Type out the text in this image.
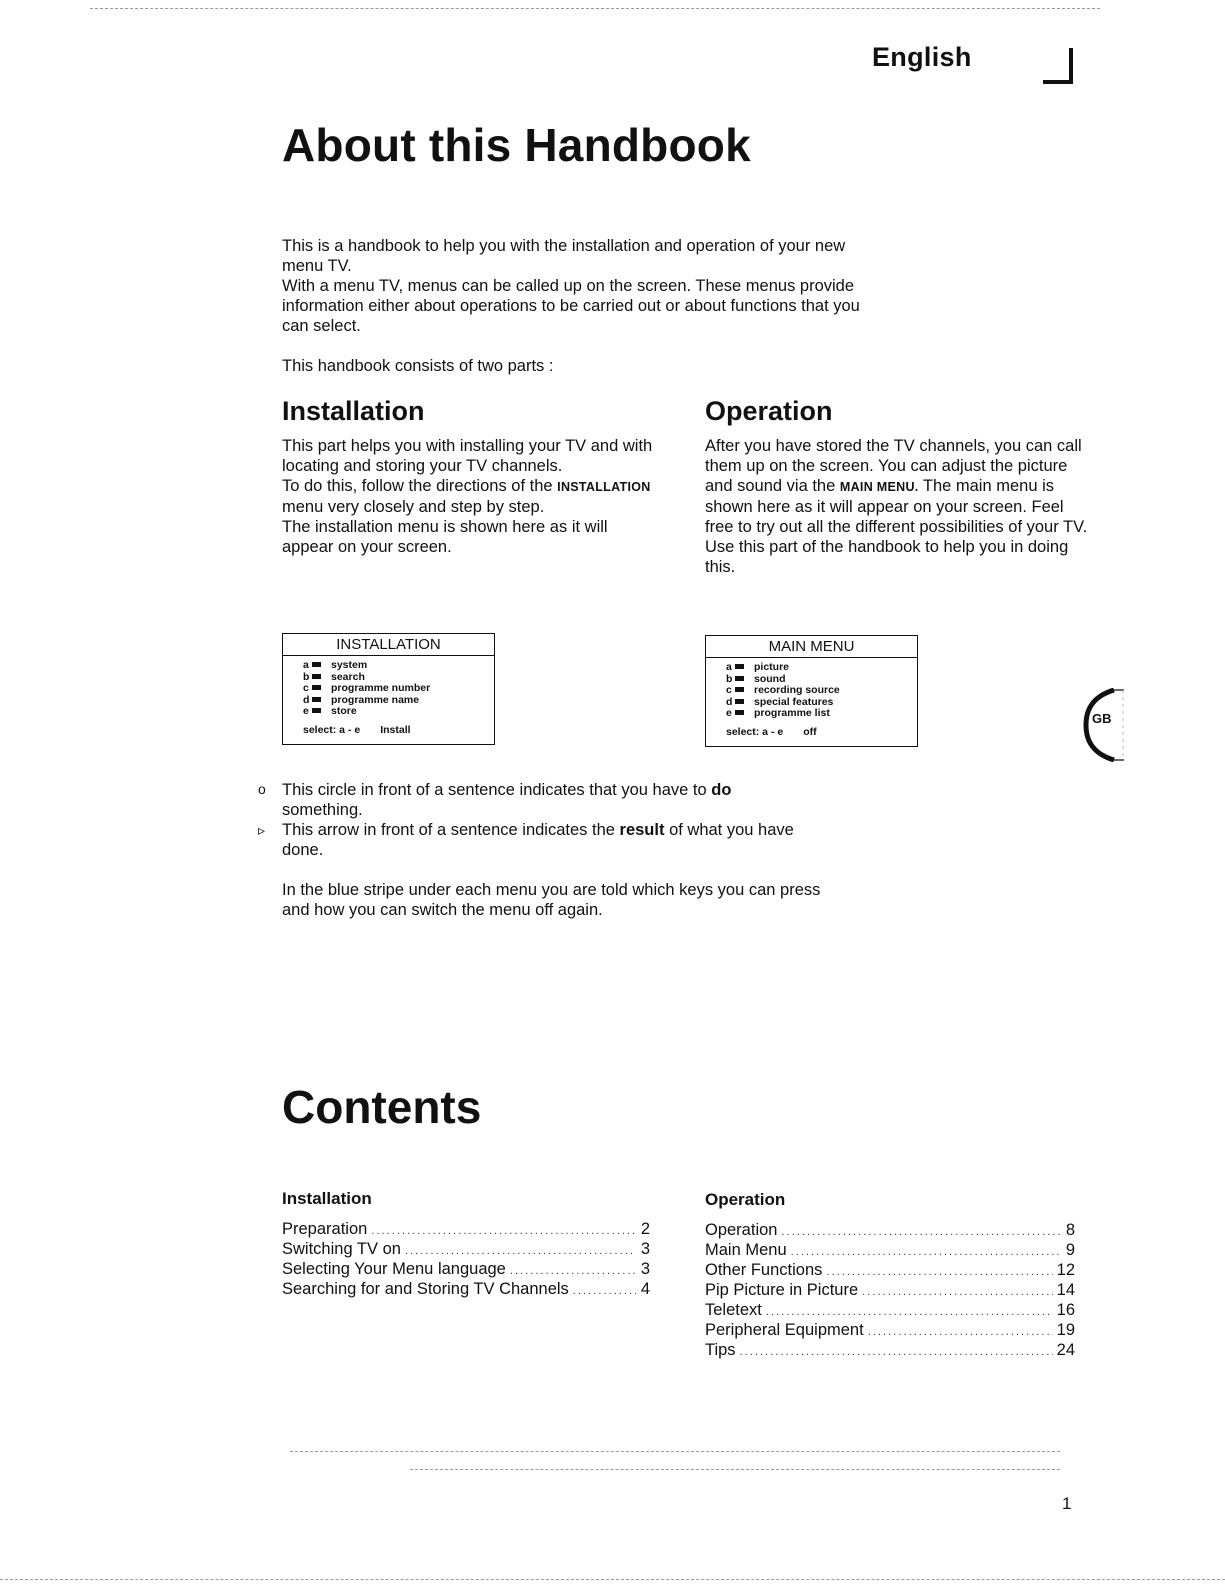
English
About this Handbook

This is a handbook to help you with the installation and operation of your new menu TV.
With a menu TV, menus can be called up on the screen. These menus provide information either about operations to be carried out or about functions that you can select.

This handbook consists of two parts :

Installation
This part helps you with installing your TV and with locating and storing your TV channels.
To do this, follow the directions of the INSTALLATION menu very closely and step by step.
The installation menu is shown here as it will appear on your screen.
INSTALLATION
a system
b search
c programme number
d programme name
e store
select: a - e Install
Operation
After you have stored the TV channels, you can call them up on the screen. You can adjust the picture and sound via the MAIN MENU. The main menu is shown here as it will appear on your screen. Feel free to try out all the different possibilities of your TV. Use this part of the handbook to help you in doing this.
MAIN MENU
a picture
b sound
c recording source
d special features
e programme list
select: a - e off
GB
o This circle in front of a sentence indicates that you have to do
something.

▹	This arrow in front of a sentence indicates the result of what you have
done.

In the blue stripe under each menu you are told which keys you can press and how you can switch the menu off again.

Contents
Installation
Preparation . . .	2
Switching TV on . . .	3
Selecting Your Menu language . . .	3
Searching for and Storing TV Channels . . .	4
Operation
Operation . . .	8
Main Menu . . .	9
Other Functions . . .	12
Pip Picture in Picture . . .	14
Teletext . . .	16
Peripheral Equipment . . .	19
Tips . . .	24
1
